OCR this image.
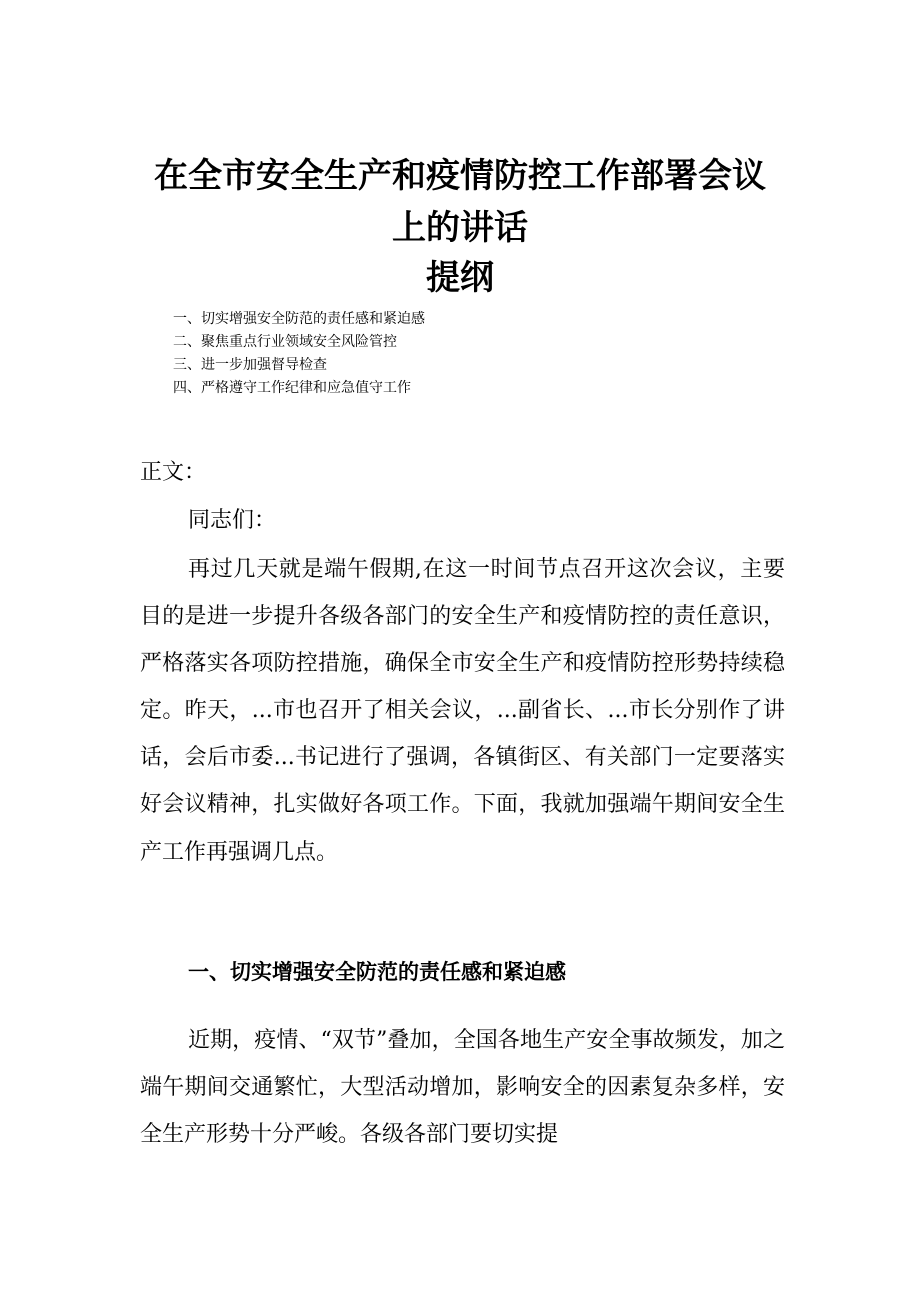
在全市安全生产和疫情防控工作部署会议
上的讲话
提纲
一、切实增强安全防范的责任感和紧迫感
二、聚焦重点行业领域安全风险管控
三、进一步加强督导检查
四、严格遵守工作纪律和应急值守工作
正文：
同志们：

再过几天就是端午假期,在这一时间节点召开这次会议，主要目的是进一步提升各级各部门的安全生产和疫情防控的责任意识，严格落实各项防控措施，确保全市安全生产和疫情防控形势持续稳定。昨天，...市也召开了相关会议，...副省长、...市长分别作了讲话，会后市委...书记进行了强调，各镇街区、有关部门一定要落实好会议精神，扎实做好各项工作。下面，我就加强端午期间安全生产工作再强调几点。

一、切实增强安全防范的责任感和紧迫感

近期，疫情、“双节”叠加，全国各地生产安全事故频发，加之端午期间交通繁忙，大型活动增加，影响安全的因素复杂多样，安全生产形势十分严峻。各级各部门要切实提
